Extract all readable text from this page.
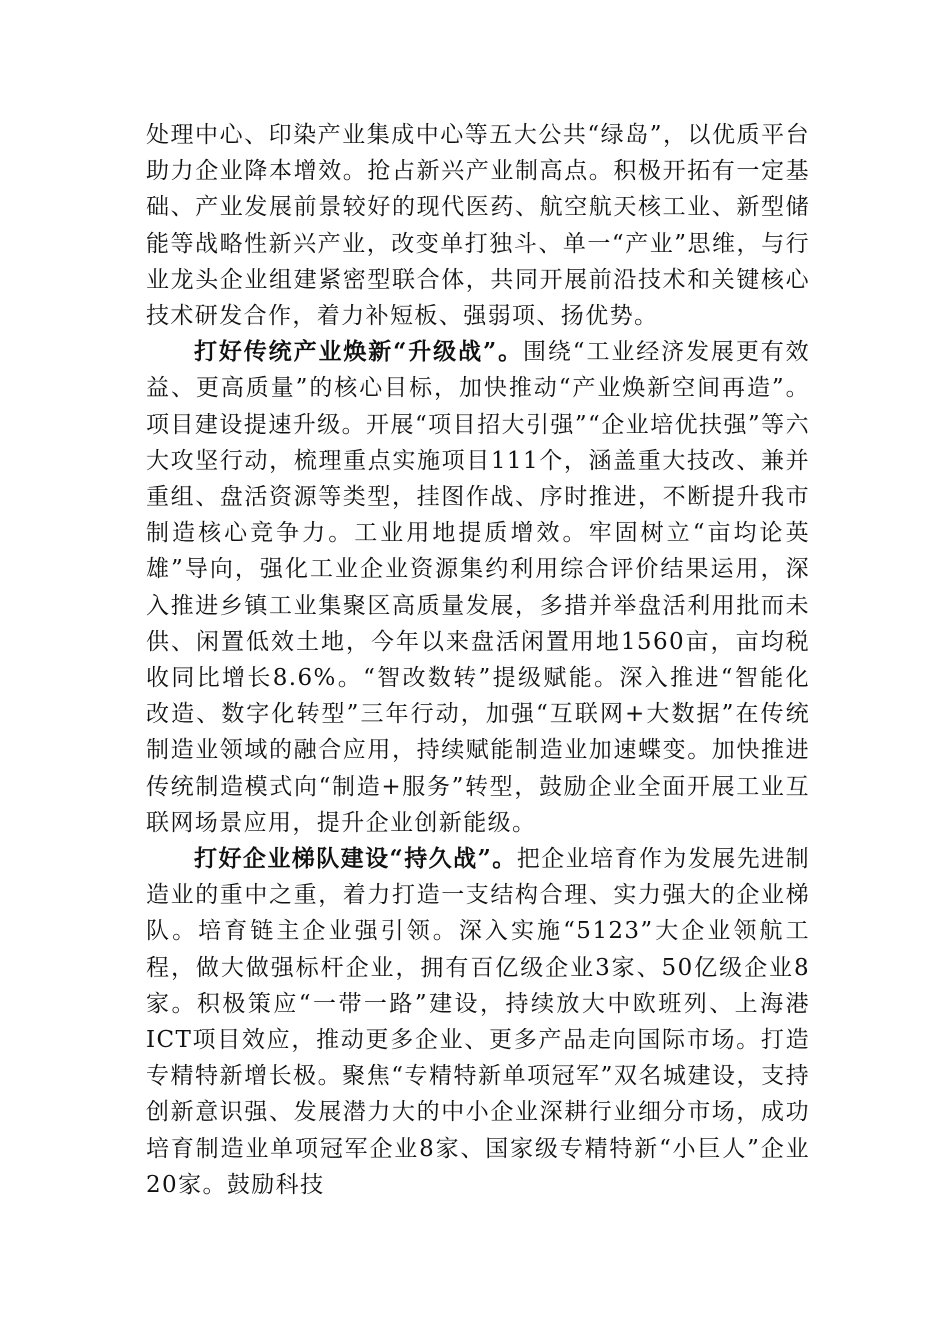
处理中心、印染产业集成中心等五大公共“绿岛”，以优质平台助力企业降本增效。抢占新兴产业制高点。积极开拓有一定基础、产业发展前景较好的现代医药、航空航天核工业、新型储能等战略性新兴产业，改变单打独斗、单一“产业”思维，与行业龙头企业组建紧密型联合体，共同开展前沿技术和关键核心技术研发合作，着力补短板、强弱项、扬优势。

打好传统产业焕新“升级战”。围绕“工业经济发展更有效益、更高质量”的核心目标，加快推动“产业焕新空间再造”。项目建设提速升级。开展“项目招大引强”“企业培优扶强”等六大攻坚行动，梳理重点实施项目111个，涵盖重大技改、兼并重组、盘活资源等类型，挂图作战、序时推进，不断提升我市制造核心竞争力。工业用地提质增效。牢固树立“亩均论英雄”导向，强化工业企业资源集约利用综合评价结果运用，深入推进乡镇工业集聚区高质量发展，多措并举盘活利用批而未供、闲置低效土地，今年以来盘活闲置用地1560亩，亩均税收同比增长8.6%。“智改数转”提级赋能。深入推进“智能化改造、数字化转型”三年行动，加强“互联网+大数据”在传统制造业领域的融合应用，持续赋能制造业加速蝶变。加快推进传统制造模式向“制造+服务”转型，鼓励企业全面开展工业互联网场景应用，提升企业创新能级。

打好企业梯队建设“持久战”。把企业培育作为发展先进制造业的重中之重，着力打造一支结构合理、实力强大的企业梯队。培育链主企业强引领。深入实施“5123”大企业领航工程，做大做强标杆企业，拥有百亿级企业3家、50亿级企业8家。积极策应“一带一路”建设，持续放大中欧班列、上海港ICT项目效应，推动更多企业、更多产品走向国际市场。打造专精特新增长极。聚焦“专精特新单项冠军”双名城建设，支持创新意识强、发展潜力大的中小企业深耕行业细分市场，成功培育制造业单项冠军企业8家、国家级专精特新“小巨人”企业20家。鼓励科技
